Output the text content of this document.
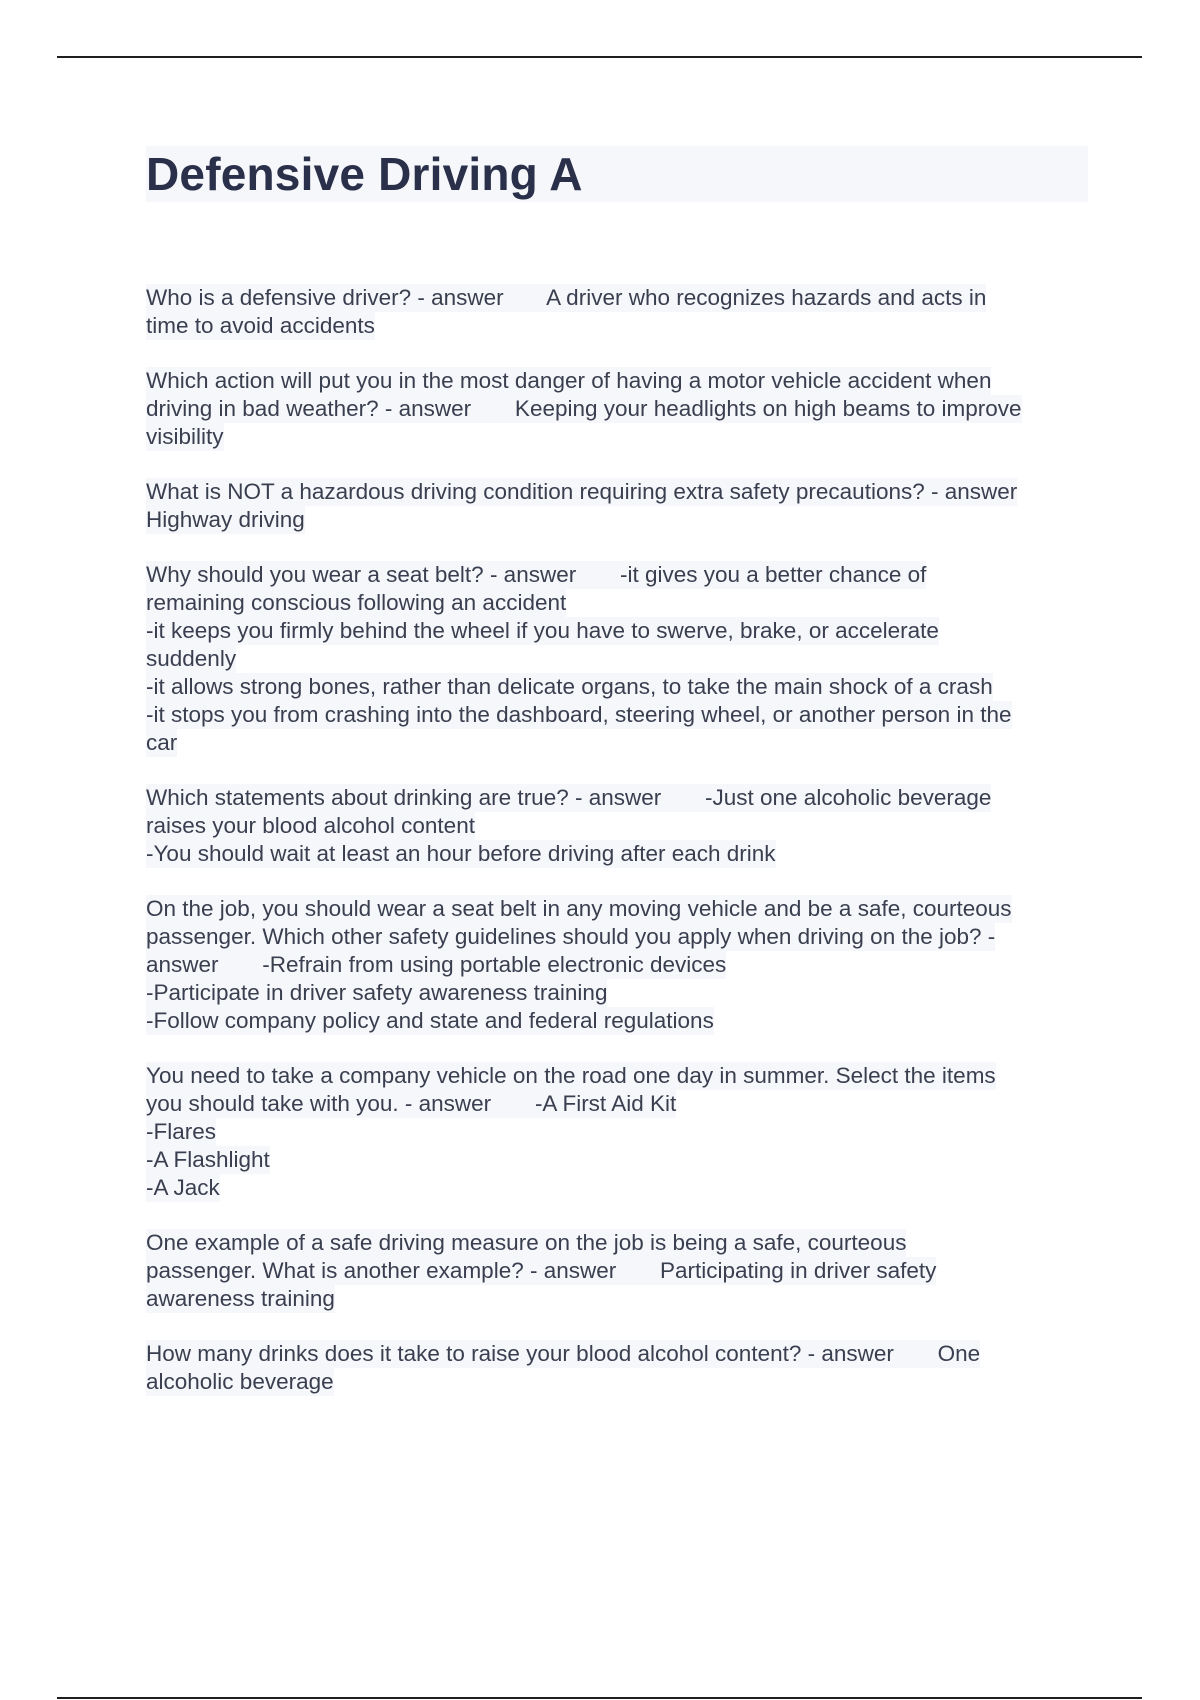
Defensive Driving A
Who is a defensive driver? - answer       A driver who recognizes hazards and acts in
time to avoid accidents
Which action will put you in the most danger of having a motor vehicle accident when
driving in bad weather? - answer       Keeping your headlights on high beams to improve
visibility
What is NOT a hazardous driving condition requiring extra safety precautions? - answer
Highway driving
Why should you wear a seat belt? - answer       -it gives you a better chance of
remaining conscious following an accident
-it keeps you firmly behind the wheel if you have to swerve, brake, or accelerate
suddenly
-it allows strong bones, rather than delicate organs, to take the main shock of a crash
-it stops you from crashing into the dashboard, steering wheel, or another person in the
car
Which statements about drinking are true? - answer       -Just one alcoholic beverage
raises your blood alcohol content
-You should wait at least an hour before driving after each drink
On the job, you should wear a seat belt in any moving vehicle and be a safe, courteous
passenger. Which other safety guidelines should you apply when driving on the job? -
answer       -Refrain from using portable electronic devices
-Participate in driver safety awareness training
-Follow company policy and state and federal regulations
You need to take a company vehicle on the road one day in summer. Select the items
you should take with you. - answer       -A First Aid Kit
-Flares
-A Flashlight
-A Jack
One example of a safe driving measure on the job is being a safe, courteous
passenger. What is another example? - answer       Participating in driver safety
awareness training
How many drinks does it take to raise your blood alcohol content? - answer       One
alcoholic beverage
